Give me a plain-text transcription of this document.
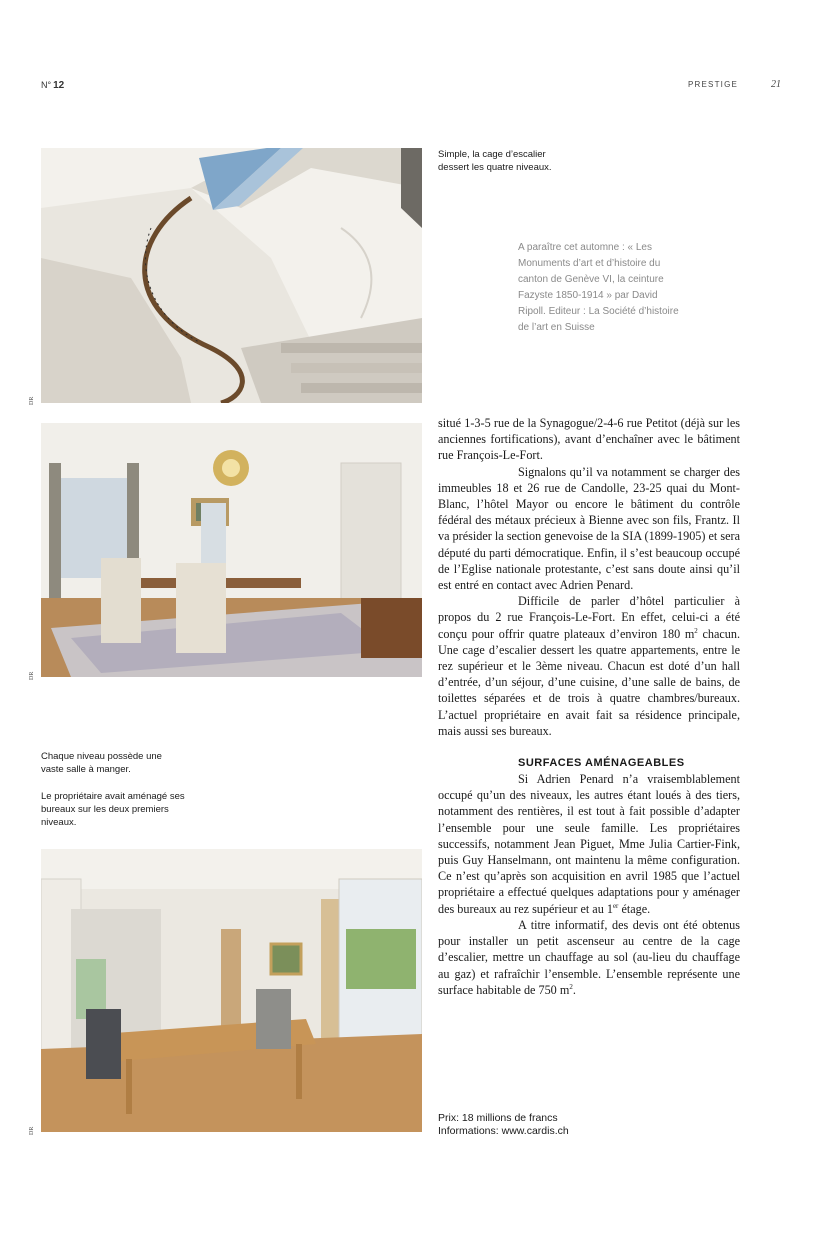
N° 12	PRESTIGE	21
DR
Simple, la cage d’escalier dessert les quatre niveaux.
A paraître cet automne : « Les Monuments d’art et d’histoire du canton de Genève VI, la ceinture Fazyste 1850-1914 » par David Ripoll. Editeur : La Société d’histoire de l’art en Suisse
DR
Chaque niveau possède une vaste salle à manger.
Le propriétaire avait aménagé ses bureaux sur les deux premiers niveaux.
DR

situé 1-3-5 rue de la Synagogue/2-4-6 rue Petitot (déjà sur les anciennes fortifications), avant d’enchaîner avec le bâtiment rue François-Le-Fort.

Signalons qu’il va notamment se charger des immeubles 18 et 26 rue de Candolle, 23-25 quai du Mont-Blanc, l’hôtel Mayor ou encore le bâtiment du contrôle fédéral des métaux précieux à Bienne avec son fils, Frantz. Il va présider la section genevoise de la SIA (1899-1905) et sera député du parti démocratique. Enfin, il s’est beaucoup occupé de l’Eglise nationale protestante, c’est sans doute ainsi qu’il est entré en contact avec Adrien Penard.

Difficile de parler d’hôtel particulier à propos du 2 rue François-Le-Fort. En effet, celui-ci a été conçu pour offrir quatre plateaux d’environ 180 $m^2$ chacun. Une cage d’escalier dessert les quatre appartements, entre le rez supérieur et le 3ème niveau. Chacun est doté d’un hall d’entrée, d’un séjour, d’une cuisine, d’une salle de bains, de toilettes séparées et de trois à quatre chambres/bureaux. L’actuel propriétaire en avait fait sa résidence principale, mais aussi ses bureaux.

SURFACES AMÉNAGEABLES

Si Adrien Penard n’a vraisemblablement occupé qu’un des niveaux, les autres étant loués à des tiers, notamment des rentières, il est tout à fait possible d’adapter l’ensemble pour une seule famille. Les propriétaires successifs, notamment Jean Piguet, Mme Julia Cartier-Fink, puis Guy Hanselmann, ont maintenu la même configuration. Ce n’est qu’après son acquisition en avril 1985 que l’actuel propriétaire a effectué quelques adaptations pour y aménager des bureaux au rez supérieur et au 1er étage.

A titre informatif, des devis ont été obtenus pour installer un petit ascenseur au centre de la cage d’escalier, mettre un chauffage au sol (au-lieu du chauffage au gaz) et rafraîchir l’ensemble. L’ensemble représente une surface habitable de 750 $m^2$.

Prix: 18 millions de francs
Informations: www.cardis.ch
